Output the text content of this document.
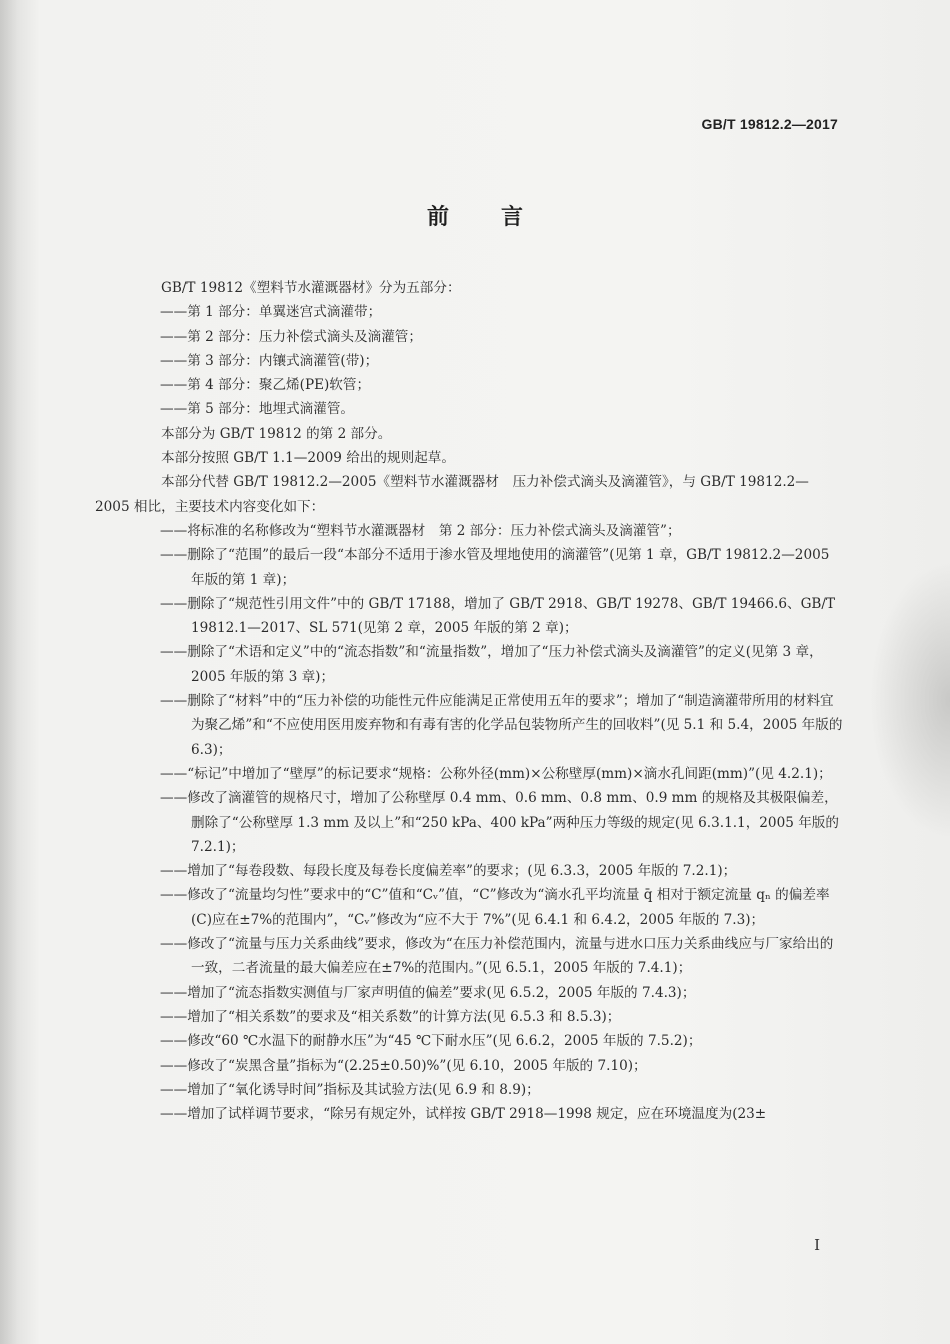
GB/T 19812.2—2017
前言

GB/T 19812《塑料节水灌溉器材》分为五部分：

——第 1 部分：单翼迷宫式滴灌带；

——第 2 部分：压力补偿式滴头及滴灌管；

——第 3 部分：内镶式滴灌管(带)；

——第 4 部分：聚乙烯(PE)软管；

——第 5 部分：地埋式滴灌管。

本部分为 GB/T 19812 的第 2 部分。

本部分按照 GB/T 1.1—2009 给出的规则起草。

本部分代替 GB/T 19812.2—2005《塑料节水灌溉器材　压力补偿式滴头及滴灌管》，与 GB/T 19812.2—2005 相比，主要技术内容变化如下：

——将标准的名称修改为“塑料节水灌溉器材　第 2 部分：压力补偿式滴头及滴灌管”；

——删除了“范围”的最后一段“本部分不适用于渗水管及埋地使用的滴灌管”(见第 1 章，GB/T 19812.2—2005 年版的第 1 章)；

——删除了“规范性引用文件”中的 GB/T 17188，增加了 GB/T 2918、GB/T 19278、GB/T 19466.6、GB/T 19812.1—2017、SL 571(见第 2 章，2005 年版的第 2 章)；

——删除了“术语和定义”中的“流态指数”和“流量指数”，增加了“压力补偿式滴头及滴灌管”的定义(见第 3 章，2005 年版的第 3 章)；

——删除了“材料”中的“压力补偿的功能性元件应能满足正常使用五年的要求”；增加了“制造滴灌带所用的材料宜为聚乙烯”和“不应使用医用废弃物和有毒有害的化学品包装物所产生的回收料”(见 5.1 和 5.4，2005 年版的 6.3)；

——“标记”中增加了“壁厚”的标记要求“规格：公称外径(mm)×公称壁厚(mm)×滴水孔间距(mm)”(见 4.2.1)；

——修改了滴灌管的规格尺寸，增加了公称壁厚 0.4 mm、0.6 mm、0.8 mm、0.9 mm 的规格及其极限偏差，删除了“公称壁厚 1.3 mm 及以上”和“250 kPa、400 kPa”两种压力等级的规定(见 6.3.1.1，2005 年版的 7.2.1)；

——增加了“每卷段数、每段长度及每卷长度偏差率”的要求；(见 6.3.3，2005 年版的 7.2.1)；

——修改了“流量均匀性”要求中的“C”值和“Cᵥ”值，“C”修改为“滴水孔平均流量 q̄ 相对于额定流量 qₙ 的偏差率(C)应在±7%的范围内”，“Cᵥ”修改为“应不大于 7%”(见 6.4.1 和 6.4.2，2005 年版的 7.3)；

——修改了“流量与压力关系曲线”要求，修改为“在压力补偿范围内，流量与进水口压力关系曲线应与厂家给出的一致，二者流量的最大偏差应在±7%的范围内。”(见 6.5.1，2005 年版的 7.4.1)；

——增加了“流态指数实测值与厂家声明值的偏差”要求(见 6.5.2，2005 年版的 7.4.3)；

——增加了“相关系数”的要求及“相关系数”的计算方法(见 6.5.3 和 8.5.3)；

——修改“60 ℃水温下的耐静水压”为“45 ℃下耐水压”(见 6.6.2，2005 年版的 7.5.2)；

——修改了“炭黑含量”指标为“(2.25±0.50)%”(见 6.10，2005 年版的 7.10)；

——增加了“氧化诱导时间”指标及其试验方法(见 6.9 和 8.9)；

——增加了试样调节要求，“除另有规定外，试样按 GB/T 2918—1998 规定，应在环境温度为(23±

I
